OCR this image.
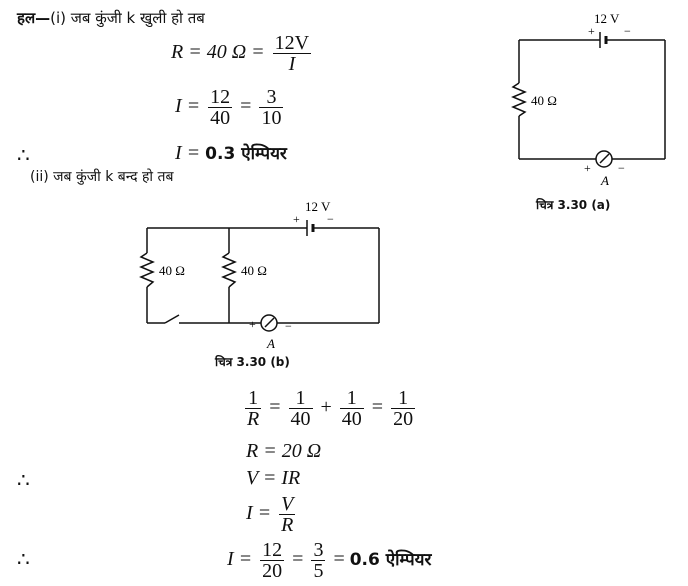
हल—(i) जब कुंजी k खुली हो तब
R = 40 $\Omega = \frac{12V}{I}$
$I = \frac{12}{40} = \frac{3}{10}$
∴	I = 0.3 ऐम्पियर
(ii) जब कुंजी k बन्द हो तब
12 V
+ −
40 Ω
+ −
A
चित्र 3.30 (a)
12 V
+ −
40 Ω	40 Ω
+ −
A
चित्र 3.30 (b)
$\frac{1}{R} = \frac{1}{40} + \frac{1}{40} = \frac{1}{20}$
R = 20 Ω
∴	V = IR
$I = \frac{V}{R}$
∴	$I = \frac{12}{20} = \frac{3}{5} = 0.6$ ऐम्पियर
